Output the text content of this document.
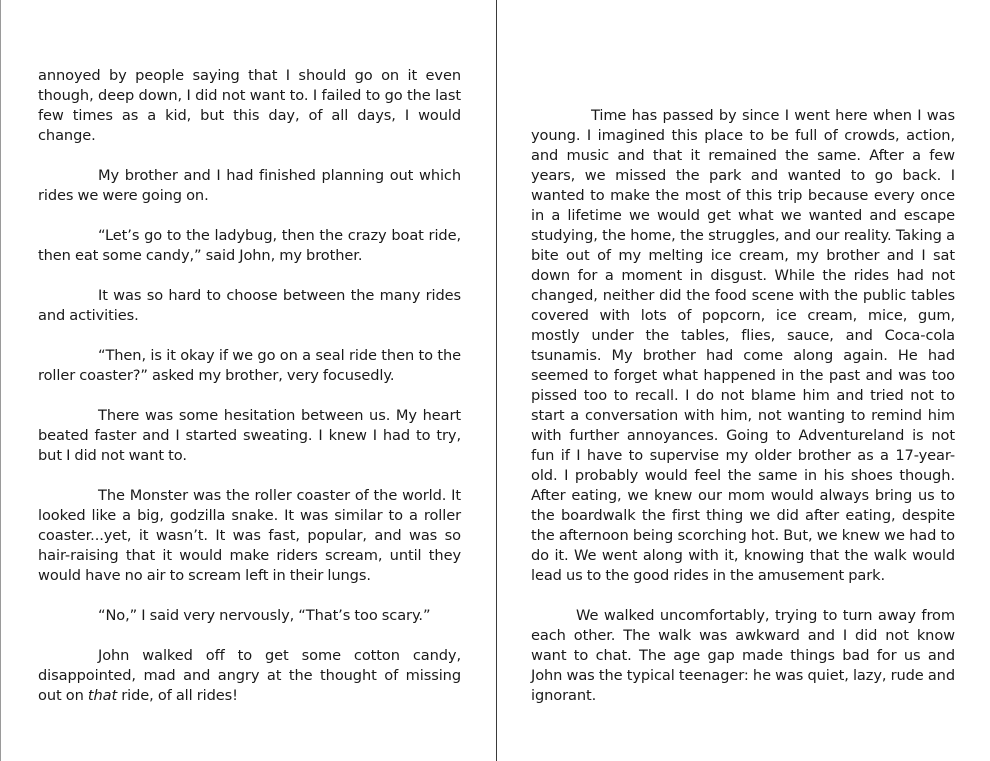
annoyed by people saying that I should go on it even though, deep down, I did not want to. I failed to go the last few times as a kid, but this day, of all days, I would change.

My brother and I had finished planning out which rides we were going on.

“Let’s go to the ladybug, then the crazy boat ride, then eat some candy,” said John, my brother.

It was so hard to choose between the many rides and activities.

“Then, is it okay if we go on a seal ride then to the roller coaster?” asked my brother, very focusedly.

There was some hesitation between us. My heart beated faster and I started sweating. I knew I had to try, but I did not want to.

The Monster was the roller coaster of the world. It looked like a big, godzilla snake. It was similar to a roller coaster...yet, it wasn’t. It was fast, popular, and was so hair-raising that it would make riders scream, until they would have no air to scream left in their lungs.

“No,” I said very nervously, “That’s too scary.”

John walked off to get some cotton candy, disappointed, mad and angry at the thought of missing out on that ride, of all rides!

Time has passed by since I went here when I was young. I imagined this place to be full of crowds, action, and music and that it remained the same. After a few years, we missed the park and wanted to go back. I wanted to make the most of this trip because every once in a lifetime we would get what we wanted and escape studying, the home, the struggles, and our reality. Taking a bite out of my melting ice cream, my brother and I sat down for a moment in disgust. While the rides had not changed, neither did the food scene with the public tables covered with lots of popcorn, ice cream, mice, gum, mostly under the tables, flies, sauce, and Coca-cola tsunamis. My brother had come along again. He had seemed to forget what happened in the past and was too pissed too to recall. I do not blame him and tried not to start a conversation with him, not wanting to remind him with further annoyances. Going to Adventureland is not fun if I have to supervise my older brother as a 17-year-old. I probably would feel the same in his shoes though. After eating, we knew our mom would always bring us to the boardwalk the first thing we did after eating, despite the afternoon being scorching hot. But, we knew we had to do it. We went along with it, knowing that the walk would lead us to the good rides in the amusement park.

We walked uncomfortably, trying to turn away from each other. The walk was awkward and I did not know want to chat. The age gap made things bad for us and John was the typical teenager: he was quiet, lazy, rude and ignorant.
